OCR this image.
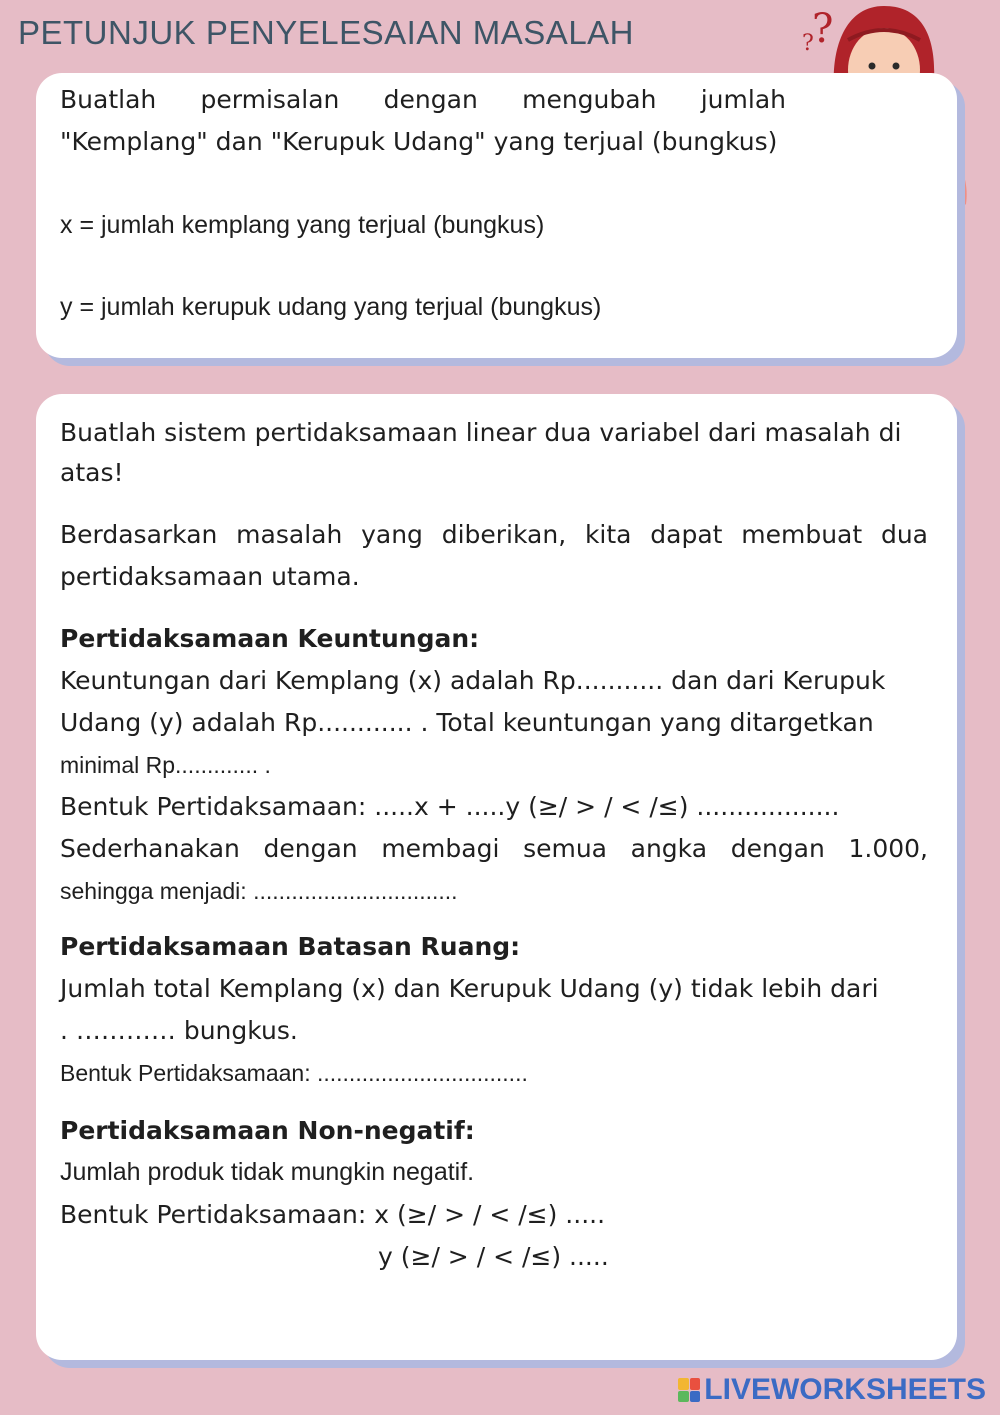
PETUNJUK PENYELESAIAN MASALAH	?
?
Buatlah permisalan dengan mengubah jumlah
"Kemplang" dan "Kerupuk Udang" yang terjual (bungkus)
x = jumlah kemplang yang terjual (bungkus)
y = jumlah kerupuk udang yang terjual (bungkus)
Buatlah sistem pertidaksamaan linear dua variabel dari masalah di
atas!
Berdasarkan masalah yang diberikan, kita dapat membuat dua
pertidaksamaan utama.
Pertidaksamaan Keuntungan:
Keuntungan dari Kemplang (x) adalah Rp........... dan dari Kerupuk
Udang (y) adalah Rp............ . Total keuntungan yang ditargetkan
minimal Rp............. .
Bentuk Pertidaksamaan: .....x + .....y (≥/ > / < /≤) ..................
Sederhanakan dengan membagi semua angka dengan 1.000,
sehingga menjadi: ................................
Pertidaksamaan Batasan Ruang:
Jumlah total Kemplang (x) dan Kerupuk Udang (y) tidak lebih dari
. ………… bungkus.
Bentuk Pertidaksamaan: .................................
Pertidaksamaan Non-negatif:
Jumlah produk tidak mungkin negatif.
Bentuk Pertidaksamaan: x (≥/ > / < /≤) .....
y (≥/ > / < /≤) .....
LIVEWORKSHEETS
